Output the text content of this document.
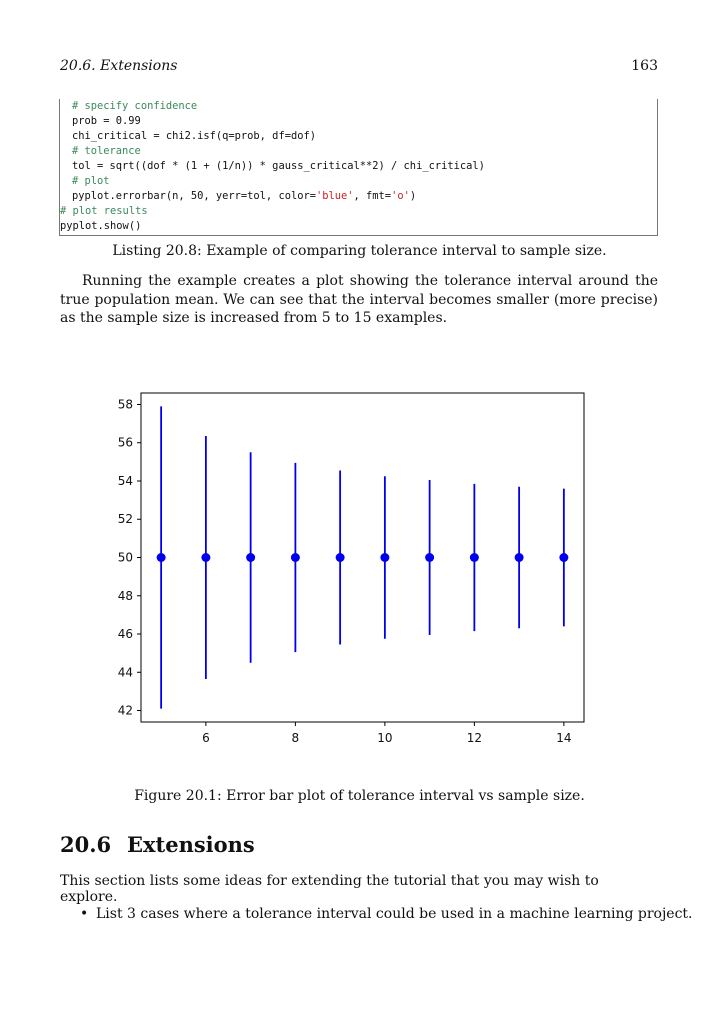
20.6. Extensions	163
# specify confidence
prob = 0.99
chi_critical = chi2.isf(q=prob, df=dof)
# tolerance
tol = sqrt((dof * (1 + (1/n)) * gauss_critical**2) / chi_critical)
# plot
pyplot.errorbar(n, 50, yerr=tol, color='blue', fmt='o')
# plot results
pyplot.show()
Listing 20.8: Example of comparing tolerance interval to sample size.
Running the example creates a plot showing the tolerance interval around the true population mean. We can see that the interval becomes smaller (more precise) as the sample size is increased from 5 to 15 examples.
6	8	10	12	14
42
44
46
48
50
52
54
56
58
Figure 20.1: Error bar plot of tolerance interval vs sample size.
20.6 Extensions
This section lists some ideas for extending the tutorial that you may wish to explore.
• List 3 cases where a tolerance interval could be used in a machine learning project.
